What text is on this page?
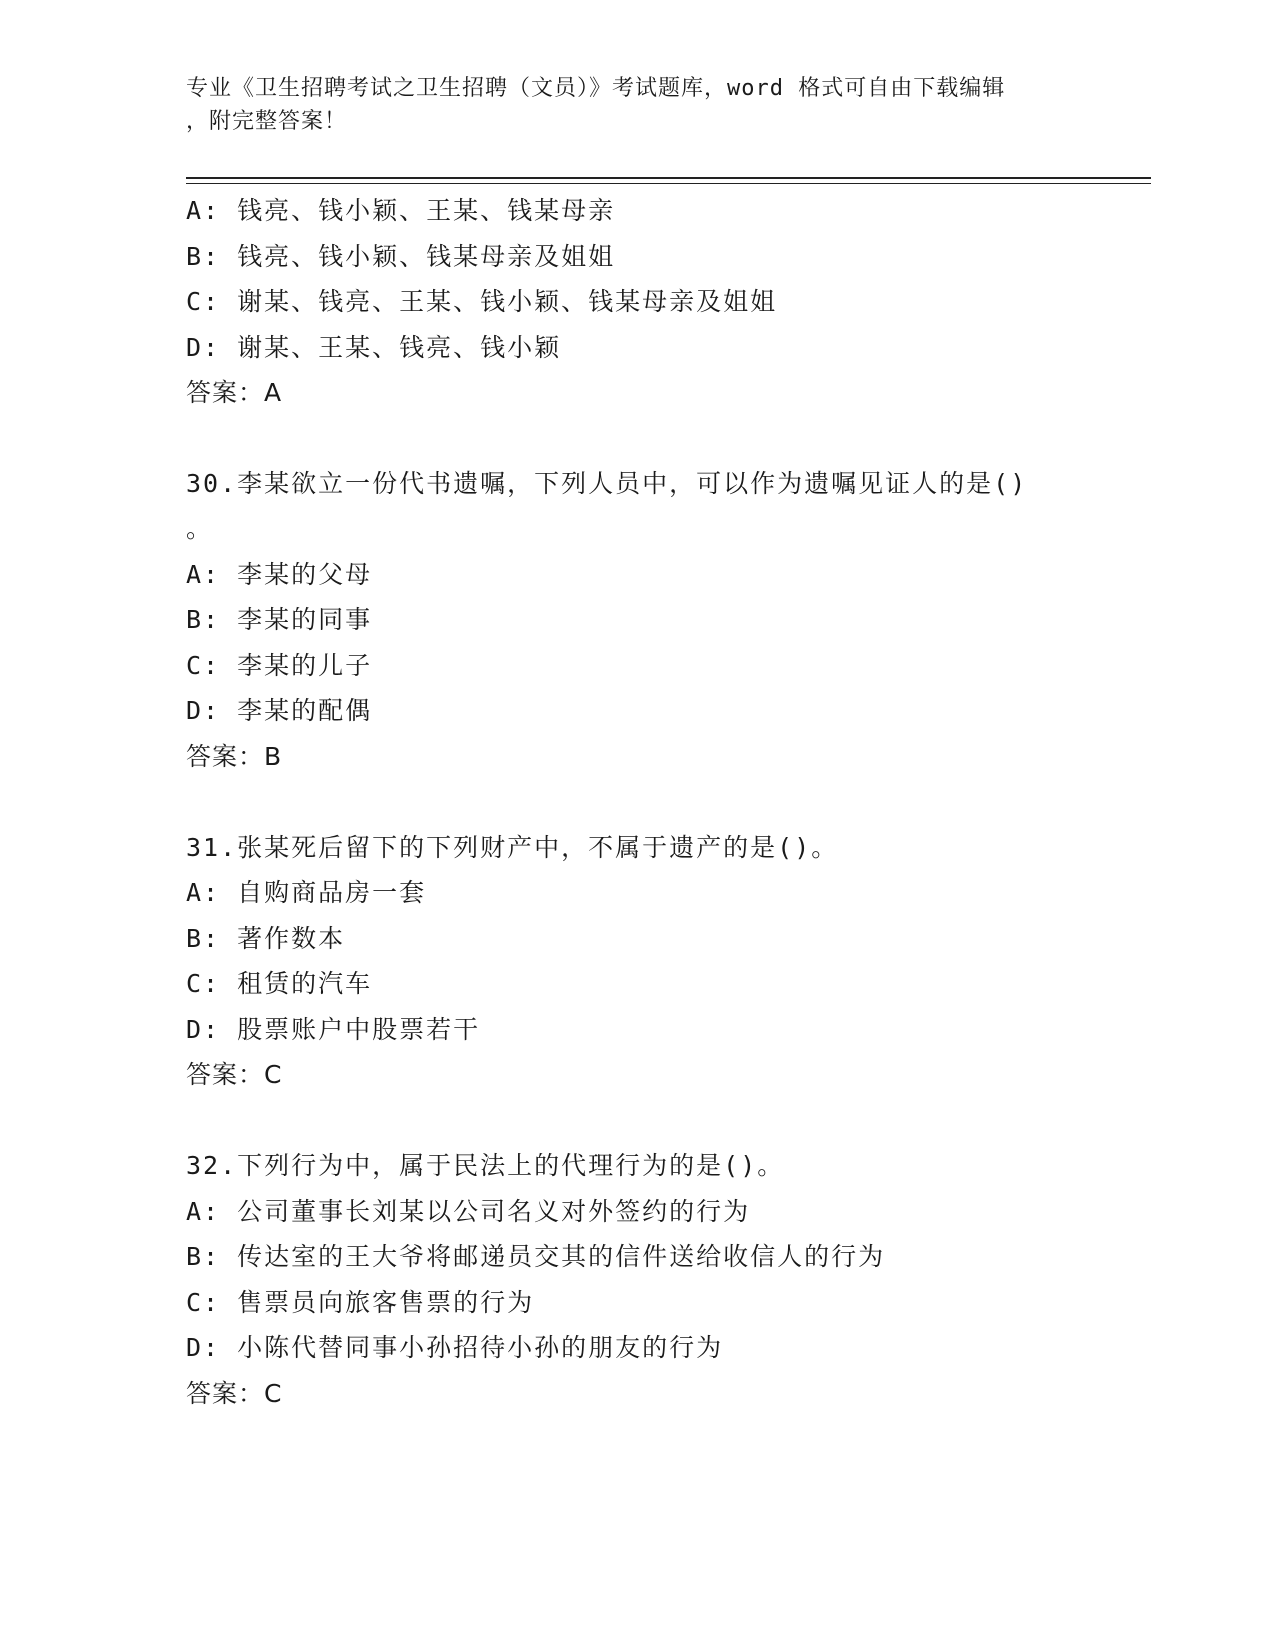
专业《卫生招聘考试之卫生招聘（文员）》考试题库，word 格式可自由下载编辑
，附完整答案！
A: 钱亮、钱小颖、王某、钱某母亲
B: 钱亮、钱小颖、钱某母亲及姐姐
C: 谢某、钱亮、王某、钱小颖、钱某母亲及姐姐
D: 谢某、王某、钱亮、钱小颖
答案：A
30.李某欲立一份代书遗嘱，下列人员中，可以作为遗嘱见证人的是()
。
A: 李某的父母
B: 李某的同事
C: 李某的儿子
D: 李某的配偶
答案：B
31.张某死后留下的下列财产中，不属于遗产的是()。
A: 自购商品房一套
B: 著作数本
C: 租赁的汽车
D: 股票账户中股票若干
答案：C
32.下列行为中，属于民法上的代理行为的是()。
A: 公司董事长刘某以公司名义对外签约的行为
B: 传达室的王大爷将邮递员交其的信件送给收信人的行为
C: 售票员向旅客售票的行为
D: 小陈代替同事小孙招待小孙的朋友的行为
答案：C
